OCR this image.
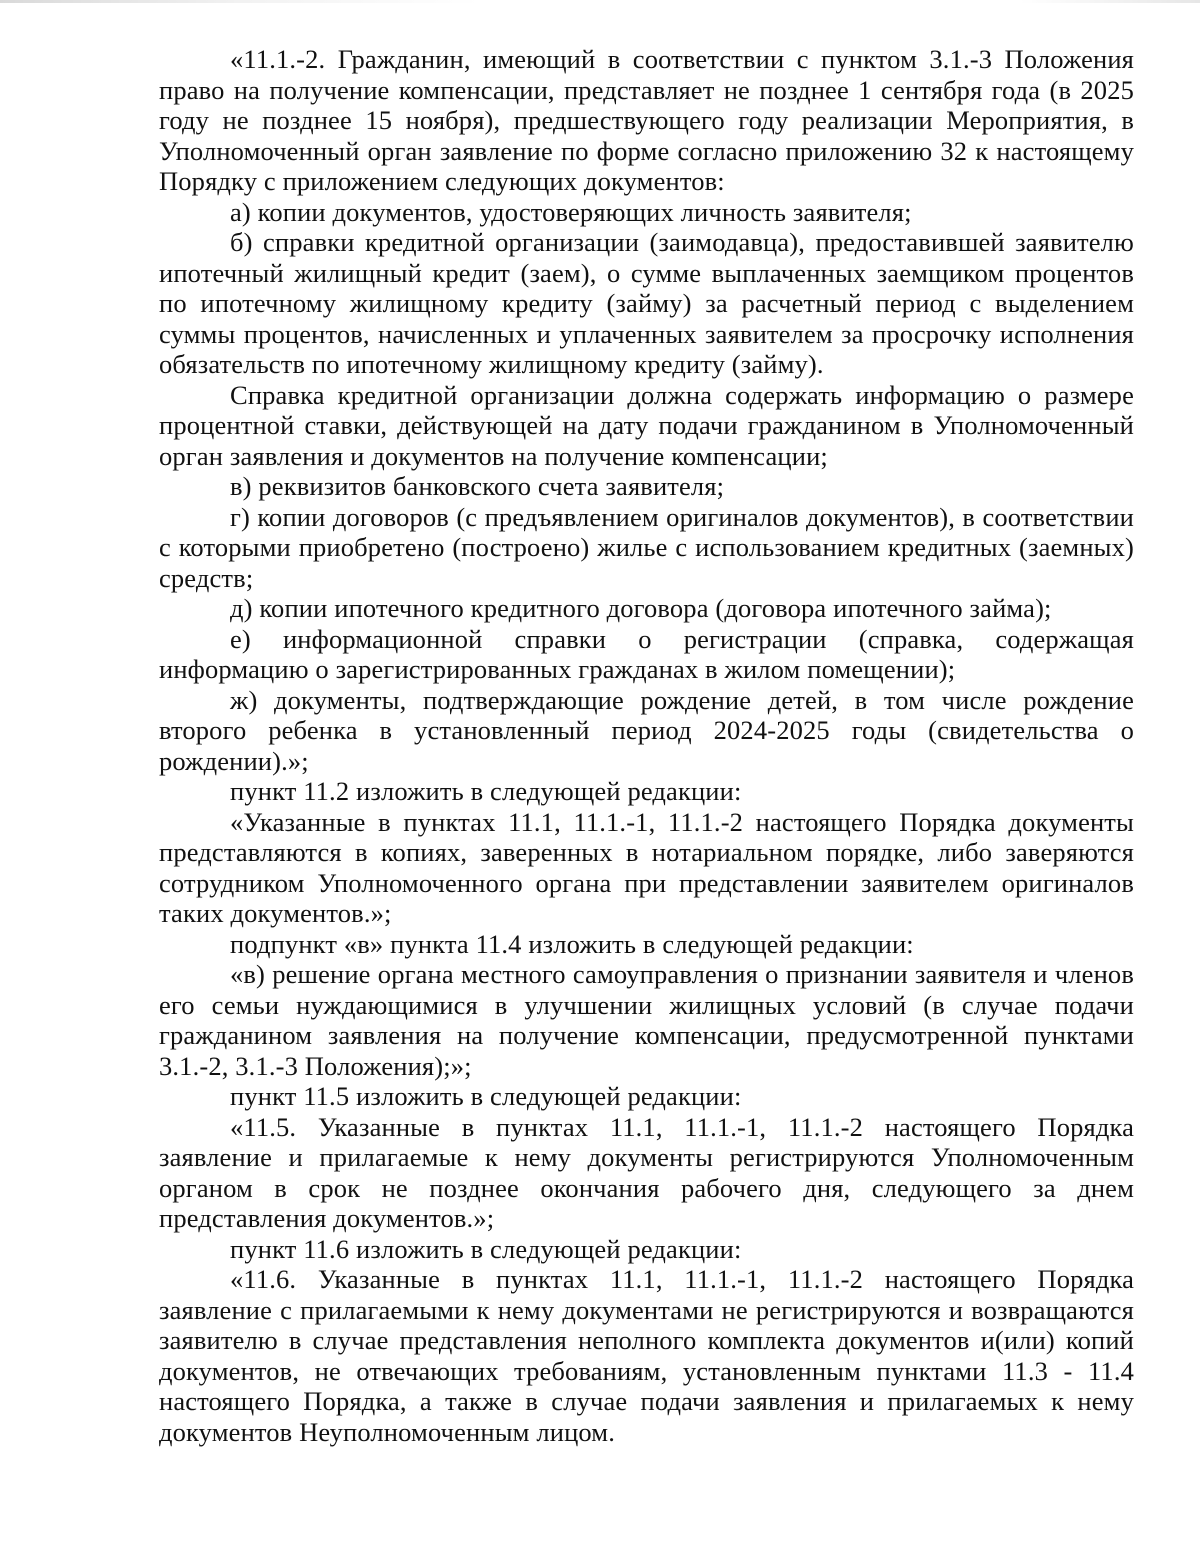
«11.1.-2. Гражданин, имеющий в соответствии с пунктом 3.1.-3 Положения право на получение компенсации, представляет не позднее 1 сентября года (в 2025 году не позднее 15 ноября), предшествующего году реализации Мероприятия, в Уполномоченный орган заявление по форме согласно приложению 32 к настоящему Порядку с приложением следующих документов:

а) копии документов, удостоверяющих личность заявителя;

б) справки кредитной организации (заимодавца), предоставившей заявителю ипотечный жилищный кредит (заем), о сумме выплаченных заемщиком процентов по ипотечному жилищному кредиту (займу) за расчетный период с выделением суммы процентов, начисленных и уплаченных заявителем за просрочку исполнения обязательств по ипотечному жилищному кредиту (займу).

Справка кредитной организации должна содержать информацию о размере процентной ставки, действующей на дату подачи гражданином в Уполномоченный орган заявления и документов на получение компенсации;

в) реквизитов банковского счета заявителя;

г) копии договоров (с предъявлением оригиналов документов), в соответствии с которыми приобретено (построено) жилье с использованием кредитных (заемных) средств;

д) копии ипотечного кредитного договора (договора ипотечного займа);

е) информационной справки о регистрации (справка, содержащая информацию о зарегистрированных гражданах в жилом помещении);

ж) документы, подтверждающие рождение детей, в том числе рождение второго ребенка в установленный период 2024-2025 годы (свидетельства о рождении).»;

пункт 11.2 изложить в следующей редакции:

«Указанные в пунктах 11.1, 11.1.-1, 11.1.-2 настоящего Порядка документы представляются в копиях, заверенных в нотариальном порядке, либо заверяются сотрудником Уполномоченного органа при представлении заявителем оригиналов таких документов.»;

подпункт «в» пункта 11.4 изложить в следующей редакции:

«в) решение органа местного самоуправления о признании заявителя и членов его семьи нуждающимися в улучшении жилищных условий (в случае подачи гражданином заявления на получение компенсации, предусмотренной пунктами 3.1.-2, 3.1.-3 Положения);»;

пункт 11.5 изложить в следующей редакции:

«11.5. Указанные в пунктах 11.1, 11.1.-1, 11.1.-2 настоящего Порядка заявление и прилагаемые к нему документы регистрируются Уполномоченным органом в срок не позднее окончания рабочего дня, следующего за днем представления документов.»;

пункт 11.6 изложить в следующей редакции:

«11.6. Указанные в пунктах 11.1, 11.1.-1, 11.1.-2 настоящего Порядка заявление с прилагаемыми к нему документами не регистрируются и возвращаются заявителю в случае представления неполного комплекта документов и(или) копий документов, не отвечающих требованиям, установленным пунктами 11.3 - 11.4 настоящего Порядка, а также в случае подачи заявления и прилагаемых к нему документов Неуполномоченным лицом.
